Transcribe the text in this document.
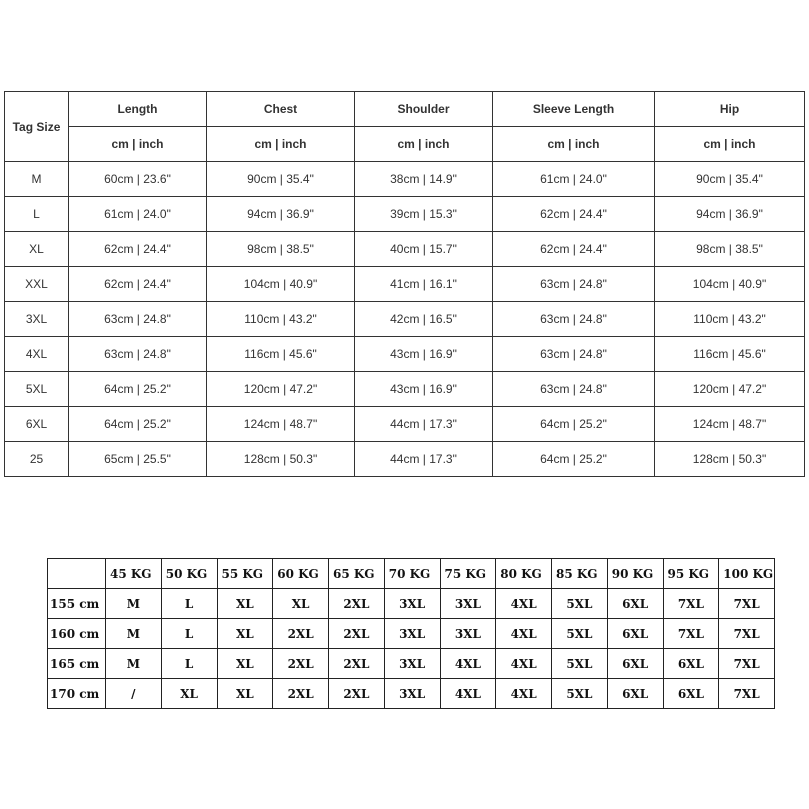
Tag Size	Length	Chest	Shoulder	Sleeve Length	Hip
	cm | inch	cm | inch	cm | inch	cm | inch	cm | inch
M	60cm | 23.6"	90cm | 35.4"	38cm | 14.9"	61cm | 24.0"	90cm | 35.4"
L	61cm | 24.0"	94cm | 36.9"	39cm | 15.3"	62cm | 24.4"	94cm | 36.9"
XL	62cm | 24.4"	98cm | 38.5"	40cm | 15.7"	62cm | 24.4"	98cm | 38.5"
XXL	62cm | 24.4"	104cm | 40.9"	41cm | 16.1"	63cm | 24.8"	104cm | 40.9"
3XL	63cm | 24.8"	110cm | 43.2"	42cm | 16.5"	63cm | 24.8"	110cm | 43.2"
4XL	63cm | 24.8"	116cm | 45.6"	43cm | 16.9"	63cm | 24.8"	116cm | 45.6"
5XL	64cm | 25.2"	120cm | 47.2"	43cm | 16.9"	63cm | 24.8"	120cm | 47.2"
6XL	64cm | 25.2"	124cm | 48.7"	44cm | 17.3"	64cm | 25.2"	124cm | 48.7"
25	65cm | 25.5"	128cm | 50.3"	44cm | 17.3"	64cm | 25.2"	128cm | 50.3"
	45 KG	50 KG	55 KG	60 KG	65 KG	70 KG	75 KG	80 KG	85 KG	90 KG	95 KG	100 KG
155 cm	M	L	XL	XL	2XL	3XL	3XL	4XL	5XL	6XL	7XL	7XL
160 cm	M	L	XL	2XL	2XL	3XL	3XL	4XL	5XL	6XL	7XL	7XL
165 cm	M	L	XL	2XL	2XL	3XL	4XL	4XL	5XL	6XL	6XL	7XL
170 cm	/	XL	XL	2XL	2XL	3XL	4XL	4XL	5XL	6XL	6XL	7XL
